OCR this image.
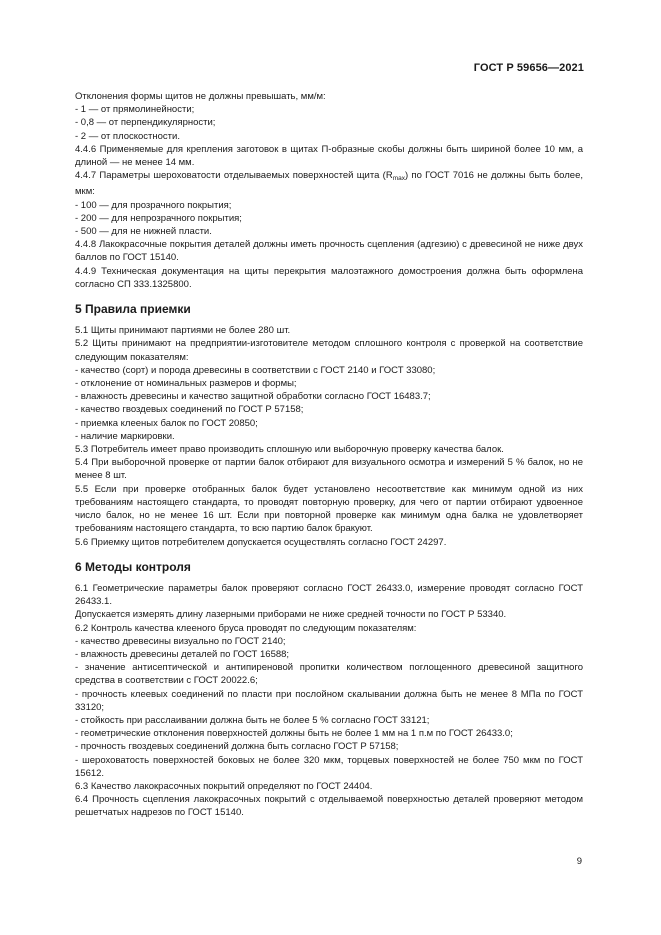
ГОСТ Р 59656—2021

Отклонения формы щитов не должны превышать, мм/м:

- 1 — от прямолинейности;

- 0,8 — от перпендикулярности;

- 2 — от плоскостности.

4.4.6 Применяемые для крепления заготовок в щитах П-образные скобы должны быть шириной более 10 мм, а длиной — не менее 14 мм.

4.4.7 Параметры шероховатости отделываемых поверхностей щита $(R_{max})$ по ГОСТ 7016 не должны быть более, мкм:

- 100 — для прозрачного покрытия;

- 200 — для непрозрачного покрытия;

- 500 — для не нижней пласти.

4.4.8 Лакокрасочные покрытия деталей должны иметь прочность сцепления (адгезию) с древесиной не ниже двух баллов по ГОСТ 15140.

4.4.9 Техническая документация на щиты перекрытия малоэтажного домостроения должна быть оформлена согласно СП 333.1325800.

5 Правила приемки

5.1 Щиты принимают партиями не более 280 шт.

5.2 Щиты принимают на предприятии-изготовителе методом сплошного контроля с проверкой на соответствие следующим показателям:

- качество (сорт) и порода древесины в соответствии с ГОСТ 2140 и ГОСТ 33080;

- отклонение от номинальных размеров и формы;

- влажность древесины и качество защитной обработки согласно ГОСТ 16483.7;

- качество гвоздевых соединений по ГОСТ Р 57158;

- приемка клееных балок по ГОСТ 20850;

- наличие маркировки.

5.3 Потребитель имеет право производить сплошную или выборочную проверку качества балок.

5.4 При выборочной проверке от партии балок отбирают для визуального осмотра и измерений 5 % балок, но не менее 8 шт.

5.5 Если при проверке отобранных балок будет установлено несоответствие как минимум одной из них требованиям настоящего стандарта, то проводят повторную проверку, для чего от партии отбирают удвоенное число балок, но не менее 16 шт. Если при повторной проверке как минимум одна балка не удовлетворяет требованиям настоящего стандарта, то всю партию балок бракуют.

5.6 Приемку щитов потребителем допускается осуществлять согласно ГОСТ 24297.

6 Методы контроля

6.1 Геометрические параметры балок проверяют согласно ГОСТ 26433.0, измерение проводят согласно ГОСТ 26433.1.

Допускается измерять длину лазерными приборами не ниже средней точности по ГОСТ Р 53340.

6.2 Контроль качества клееного бруса проводят по следующим показателям:

- качество древесины визуально по ГОСТ 2140;

- влажность древесины деталей по ГОСТ 16588;

- значение антисептической и антипиреновой пропитки количеством поглощенного древесиной защитного средства в соответствии с ГОСТ 20022.6;

- прочность клеевых соединений по пласти при послойном скалывании должна быть не менее 8 МПа по ГОСТ 33120;

- стойкость при расслаивании должна быть не более 5 % согласно ГОСТ 33121;

- геометрические отклонения поверхностей должны быть не более 1 мм на 1 п.м по ГОСТ 26433.0;

- прочность гвоздевых соединений должна быть согласно ГОСТ Р 57158;

- шероховатость поверхностей боковых не более 320 мкм, торцевых поверхностей не более 750 мкм по ГОСТ 15612.

6.3 Качество лакокрасочных покрытий определяют по ГОСТ 24404.

6.4 Прочность сцепления лакокрасочных покрытий с отделываемой поверхностью деталей проверяют методом решетчатых надрезов по ГОСТ 15140.

9
